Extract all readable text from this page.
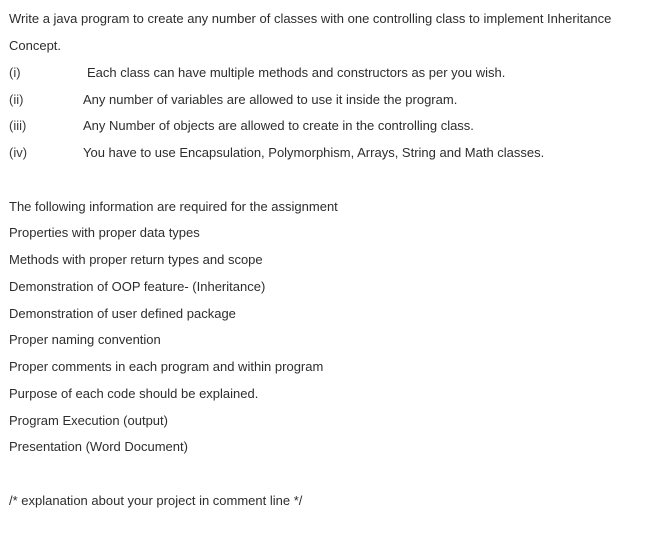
Write a java program to create any number of classes with one controlling class to implement Inheritance
Concept.
(i)	Each class can have multiple methods and constructors as per you wish.
(ii)	Any number of variables are allowed to use it inside the program.
(iii)	Any Number of objects are allowed to create in the controlling class.
(iv)	You have to use Encapsulation, Polymorphism, Arrays, String and Math classes.
The following information are required for the assignment
Properties with proper data types
Methods with proper return types and scope
Demonstration of OOP feature- (Inheritance)
Demonstration of user defined package
Proper naming convention
Proper comments in each program and within program
Purpose of each code should be explained.
Program Execution (output)
Presentation (Word Document)
/* explanation about your project in comment line */
